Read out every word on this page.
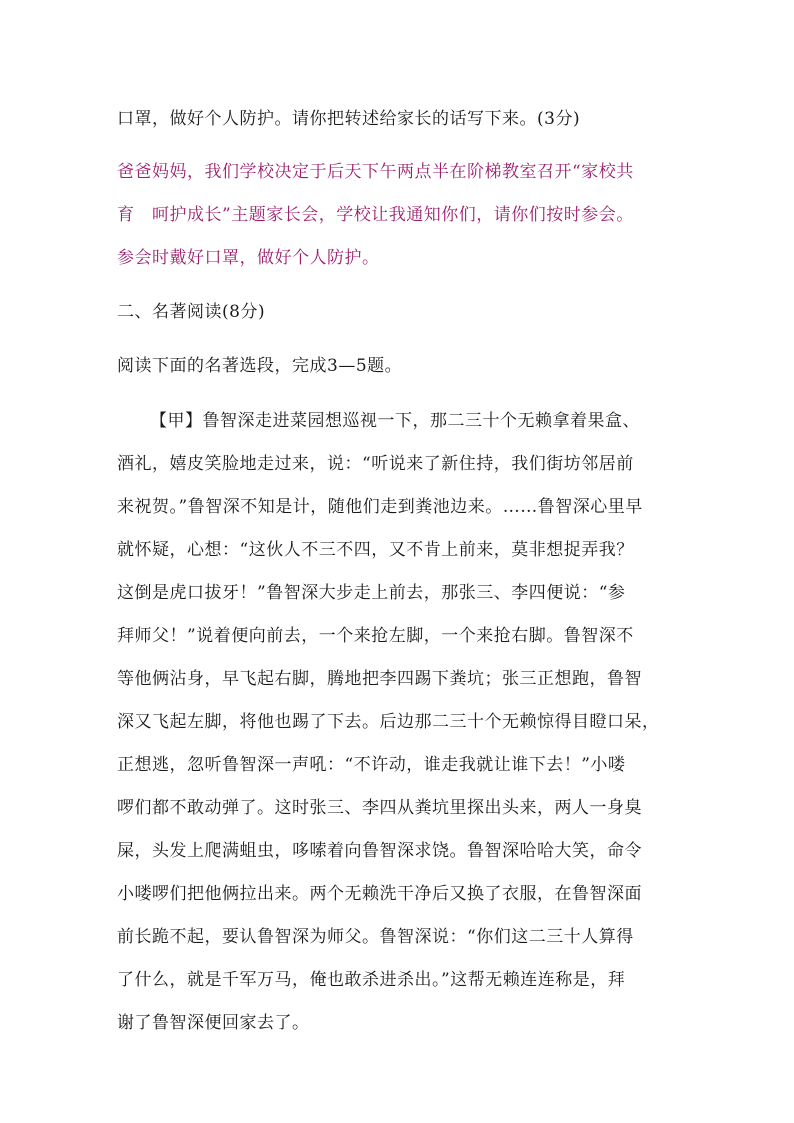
口罩，做好个人防护。请你把转述给家长的话写下来。(3分)
爸爸妈妈，我们学校决定于后天下午两点半在阶梯教室召开“家校共
育　呵护成长”主题家长会，学校让我通知你们，请你们按时参会。
参会时戴好口罩，做好个人防护。
二、名著阅读(8分)
阅读下面的名著选段，完成3—5题。
【甲】鲁智深走进菜园想巡视一下，那二三十个无赖拿着果盒、
酒礼，嬉皮笑脸地走过来，说：“听说来了新住持，我们街坊邻居前
来祝贺。”鲁智深不知是计，随他们走到粪池边来。……鲁智深心里早
就怀疑，心想：“这伙人不三不四，又不肯上前来，莫非想捉弄我？
这倒是虎口拔牙！”鲁智深大步走上前去，那张三、李四便说：“参
拜师父！”说着便向前去，一个来抢左脚，一个来抢右脚。鲁智深不
等他俩沾身，早飞起右脚，腾地把李四踢下粪坑；张三正想跑，鲁智
深又飞起左脚，将他也踢了下去。后边那二三十个无赖惊得目瞪口呆，
正想逃，忽听鲁智深一声吼：“不许动，谁走我就让谁下去！”小喽
啰们都不敢动弹了。这时张三、李四从粪坑里探出头来，两人一身臭
屎，头发上爬满蛆虫，哆嗦着向鲁智深求饶。鲁智深哈哈大笑，命令
小喽啰们把他俩拉出来。两个无赖洗干净后又换了衣服，在鲁智深面
前长跪不起，要认鲁智深为师父。鲁智深说：“你们这二三十人算得
了什么，就是千军万马，俺也敢杀进杀出。”这帮无赖连连称是，拜
谢了鲁智深便回家去了。
